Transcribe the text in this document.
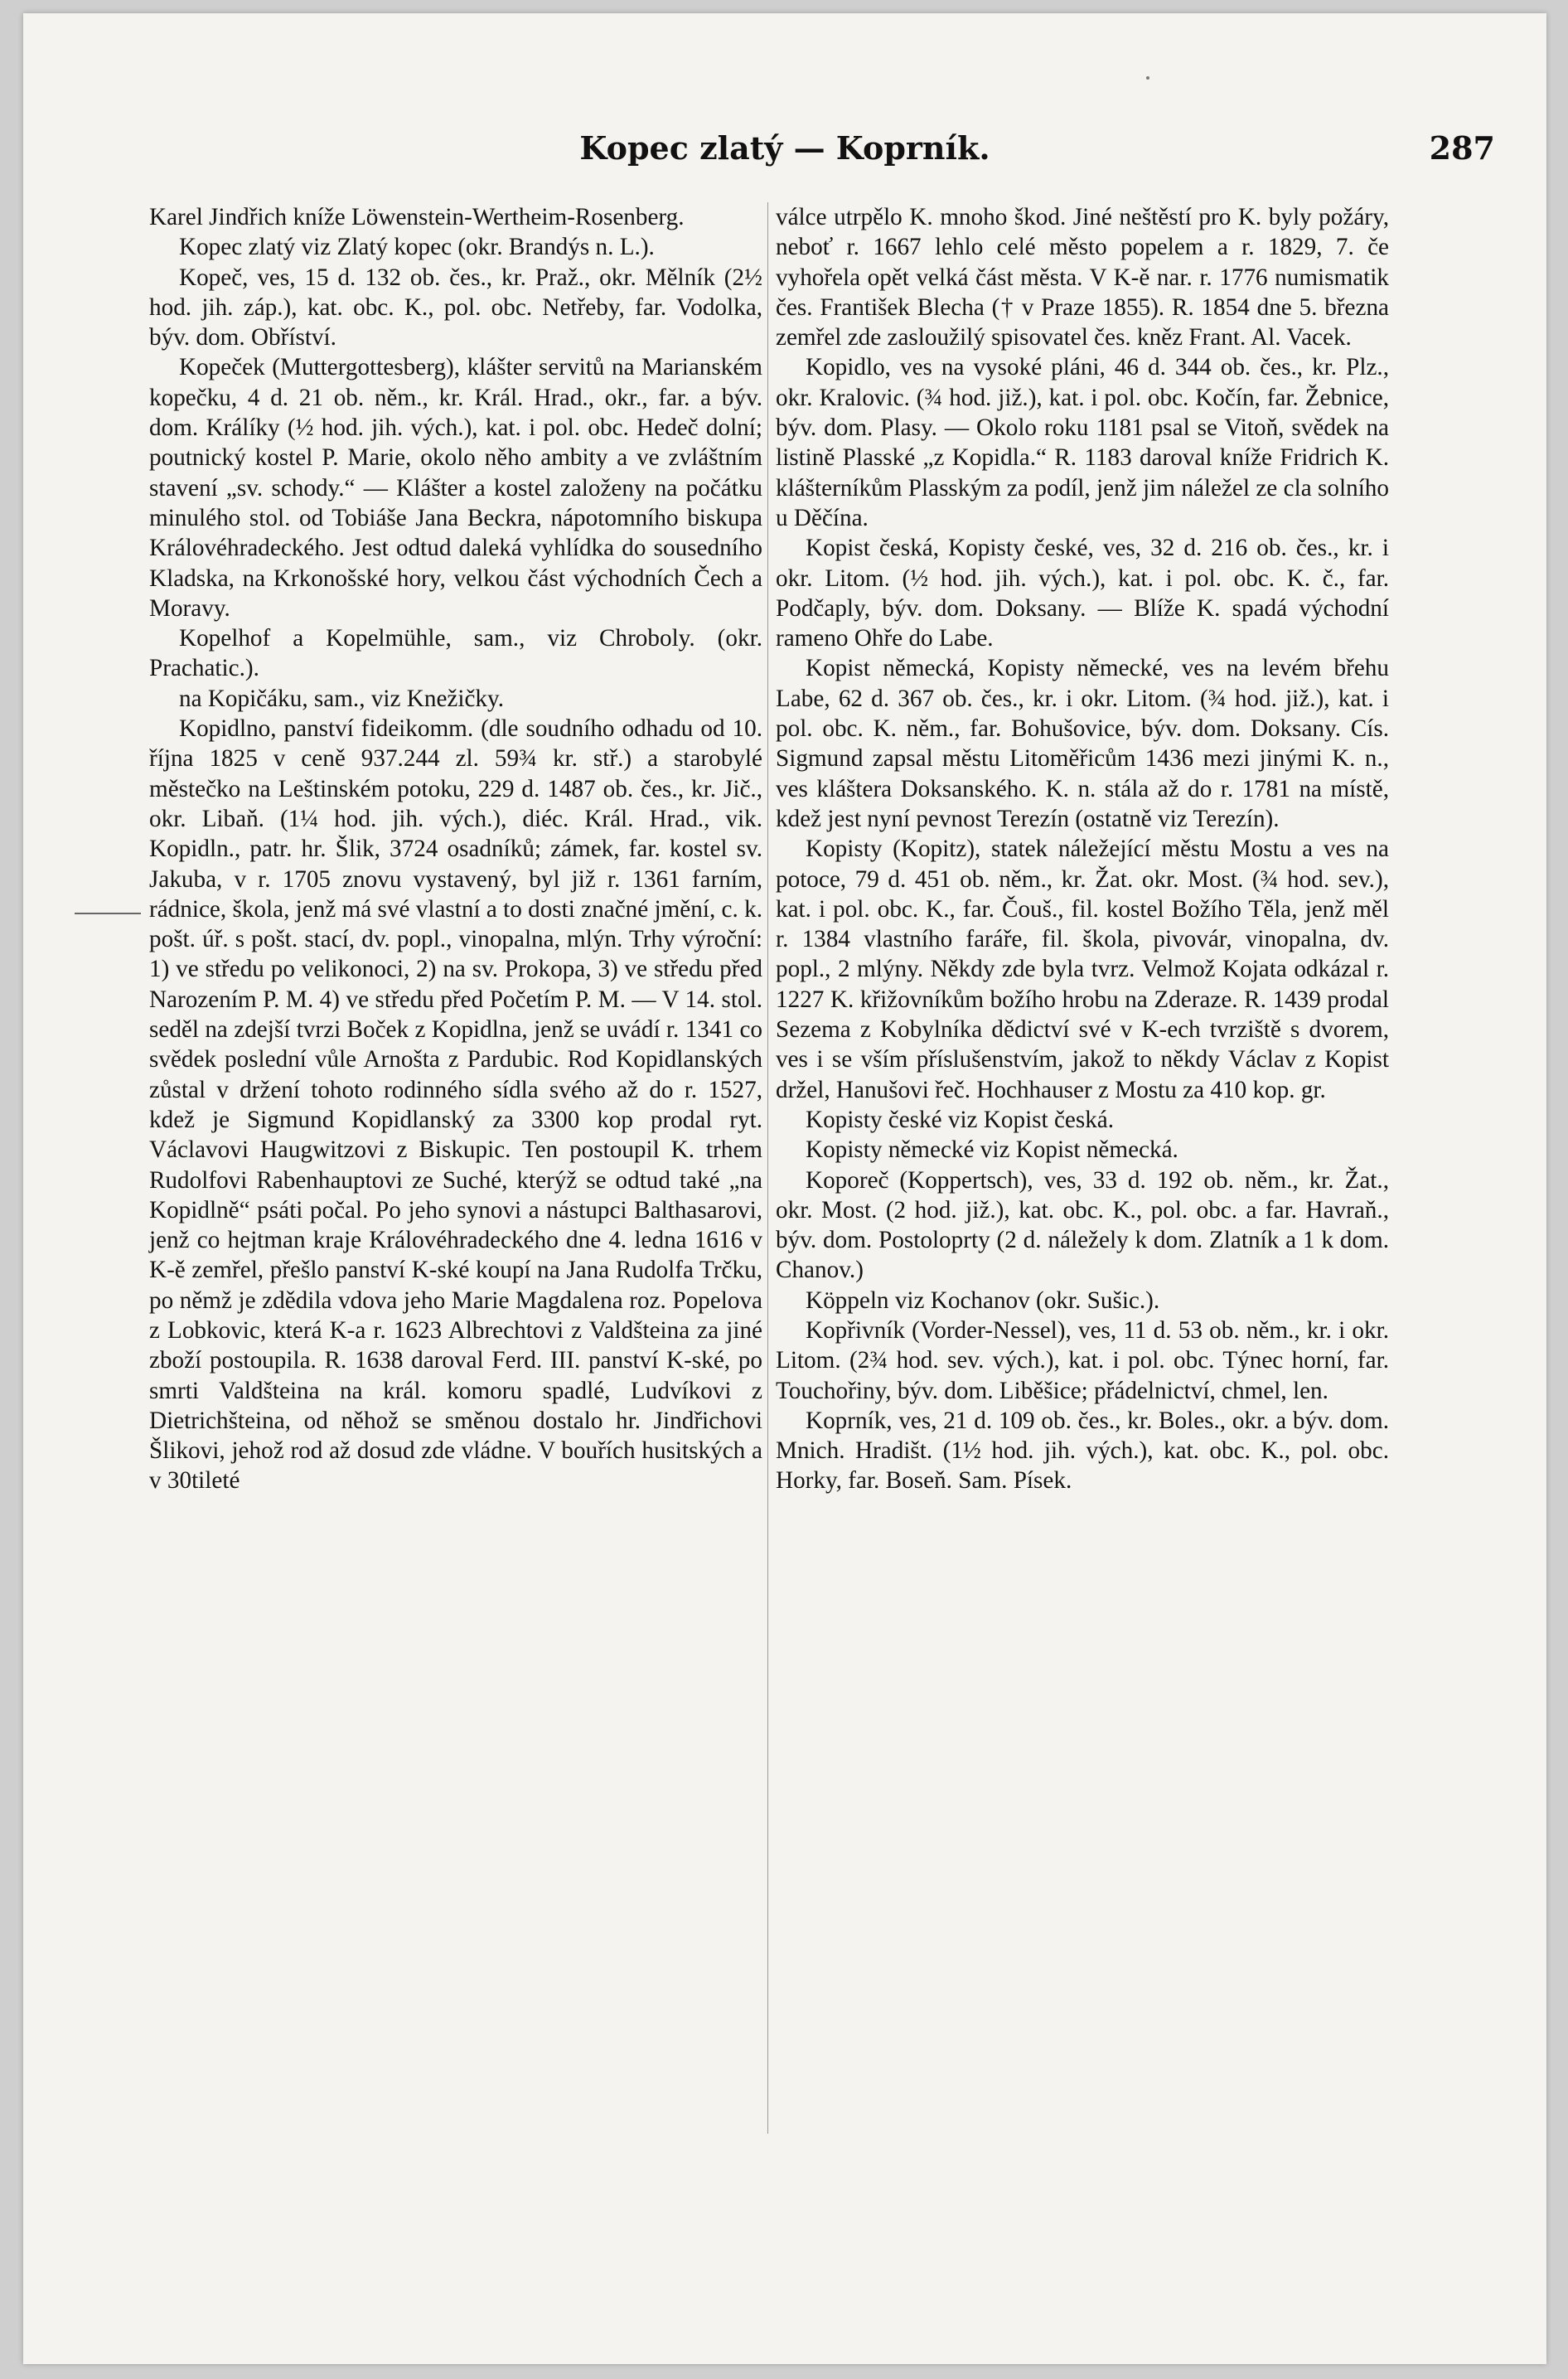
Kopec zlatý — Koprník.	287

Karel Jindřich kníže Löwenstein-Wertheim-Rosenberg.

Kopec zlatý viz Zlatý kopec (okr. Brandýs n. L.).

Kopeč, ves, 15 d. 132 ob. čes., kr. Praž., okr. Mělník (2½ hod. jih. záp.), kat. obc. K., pol. obc. Netřeby, far. Vodolka, býv. dom. Obříství.

Kopeček (Muttergottesberg), klášter servitů na Marianském kopečku, 4 d. 21 ob. něm., kr. Král. Hrad., okr., far. a býv. dom. Králíky (½ hod. jih. vých.), kat. i pol. obc. Hedeč dolní; poutnický kostel P. Marie, okolo něho ambity a ve zvláštním stavení „sv. schody.“ — Klášter a kostel založeny na počátku minulého stol. od Tobiáše Jana Beckra, nápotomního biskupa Královéhradeckého. Jest odtud daleká vyhlídka do sousedního Kladska, na Krkonošské hory, velkou část východních Čech a Moravy.

Kopelhof a Kopelmühle, sam., viz Chroboly. (okr. Prachatic.).

na Kopičáku, sam., viz Knežičky.

Kopidlno, panství fideikomm. (dle soudního odhadu od 10. října 1825 v ceně 937.244 zl. 59¾ kr. stř.) a starobylé městečko na Leštinském potoku, 229 d. 1487 ob. čes., kr. Jič., okr. Libaň. (1¼ hod. jih. vých.), diéc. Král. Hrad., vik. Kopidln., patr. hr. Šlik, 3724 osadníků; zámek, far. kostel sv. Jakuba, v r. 1705 znovu vystavený, byl již r. 1361 farním, rádnice, škola, jenž má své vlastní a to dosti značné jmění, c. k. pošt. úř. s pošt. stací, dv. popl., vinopalna, mlýn. Trhy výroční: 1) ve středu po velikonoci, 2) na sv. Prokopa, 3) ve středu před Narozením P. M. 4) ve středu před Početím P. M. — V 14. stol. seděl na zdejší tvrzi Boček z Kopidlna, jenž se uvádí r. 1341 co svědek poslední vůle Arnošta z Pardubic. Rod Kopidlanských zůstal v držení tohoto rodinného sídla svého až do r. 1527, kdež je Sigmund Kopidlanský za 3300 kop prodal ryt. Václavovi Haugwitzovi z Biskupic. Ten postoupil K. trhem Rudolfovi Rabenhauptovi ze Suché, kterýž se odtud také „na Kopidlně“ psáti počal. Po jeho synovi a nástupci Balthasarovi, jenž co hejtman kraje Královéhradeckého dne 4. ledna 1616 v K-ě zemřel, přešlo panství K-ské koupí na Jana Rudolfa Trčku, po němž je zdědila vdova jeho Marie Magdalena roz. Popelova z Lobkovic, která K-a r. 1623 Albrechtovi z Valdšteina za jiné zboží postoupila. R. 1638 daroval Ferd. III. panství K-ské, po smrti Valdšteina na král. komoru spadlé, Ludvíkovi z Dietrichšteina, od něhož se směnou dostalo hr. Jindřichovi Šlikovi, jehož rod až dosud zde vládne. V bouřích husitských a v 30tileté

válce utrpělo K. mnoho škod. Jiné neštěstí pro K. byly požáry, neboť r. 1667 lehlo celé město popelem a r. 1829, 7. če vyhořela opět velká část města. V K-ě nar. r. 1776 numismatik čes. František Blecha († v Praze 1855). R. 1854 dne 5. března zemřel zde zasloužilý spisovatel čes. kněz Frant. Al. Vacek.

Kopidlo, ves na vysoké pláni, 46 d. 344 ob. čes., kr. Plz., okr. Kralovic. (¾ hod. již.), kat. i pol. obc. Kočín, far. Žebnice, býv. dom. Plasy. — Okolo roku 1181 psal se Vitoň, svědek na listině Plasské „z Kopidla.“ R. 1183 daroval kníže Fridrich K. klášterníkům Plasským za podíl, jenž jim náležel ze cla solního u Děčína.

Kopist česká, Kopisty české, ves, 32 d. 216 ob. čes., kr. i okr. Litom. (½ hod. jih. vých.), kat. i pol. obc. K. č., far. Podčaply, býv. dom. Doksany. — Blíže K. spadá východní rameno Ohře do Labe.

Kopist německá, Kopisty německé, ves na levém břehu Labe, 62 d. 367 ob. čes., kr. i okr. Litom. (¾ hod. již.), kat. i pol. obc. K. něm., far. Bohušovice, býv. dom. Doksany. Cís. Sigmund zapsal městu Litoměřicům 1436 mezi jinými K. n., ves kláštera Doksanského. K. n. stála až do r. 1781 na místě, kdež jest nyní pevnost Terezín (ostatně viz Terezín).

Kopisty (Kopitz), statek náležející městu Mostu a ves na potoce, 79 d. 451 ob. něm., kr. Žat. okr. Most. (¾ hod. sev.), kat. i pol. obc. K., far. Čouš., fil. kostel Božího Těla, jenž měl r. 1384 vlastního faráře, fil. škola, pivovár, vinopalna, dv. popl., 2 mlýny. Někdy zde byla tvrz. Velmož Kojata odkázal r. 1227 K. křižovníkům božího hrobu na Zderaze. R. 1439 prodal Sezema z Kobylníka dědictví své v K-ech tvrziště s dvorem, ves i se vším příslušenstvím, jakož to někdy Václav z Kopist držel, Hanušovi řeč. Hochhauser z Mostu za 410 kop. gr.

Kopisty české viz Kopist česká.

Kopisty německé viz Kopist německá.

Koporeč (Koppertsch), ves, 33 d. 192 ob. něm., kr. Žat., okr. Most. (2 hod. již.), kat. obc. K., pol. obc. a far. Havraň., býv. dom. Postoloprty (2 d. náležely k dom. Zlatník a 1 k dom. Chanov.)

Köppeln viz Kochanov (okr. Sušic.).

Kopřivník (Vorder-Nessel), ves, 11 d. 53 ob. něm., kr. i okr. Litom. (2¾ hod. sev. vých.), kat. i pol. obc. Týnec horní, far. Touchořiny, býv. dom. Liběšice; přádelnictví, chmel, len.

Koprník, ves, 21 d. 109 ob. čes., kr. Boles., okr. a býv. dom. Mnich. Hradišt. (1½ hod. jih. vých.), kat. obc. K., pol. obc. Horky, far. Boseň. Sam. Písek.
